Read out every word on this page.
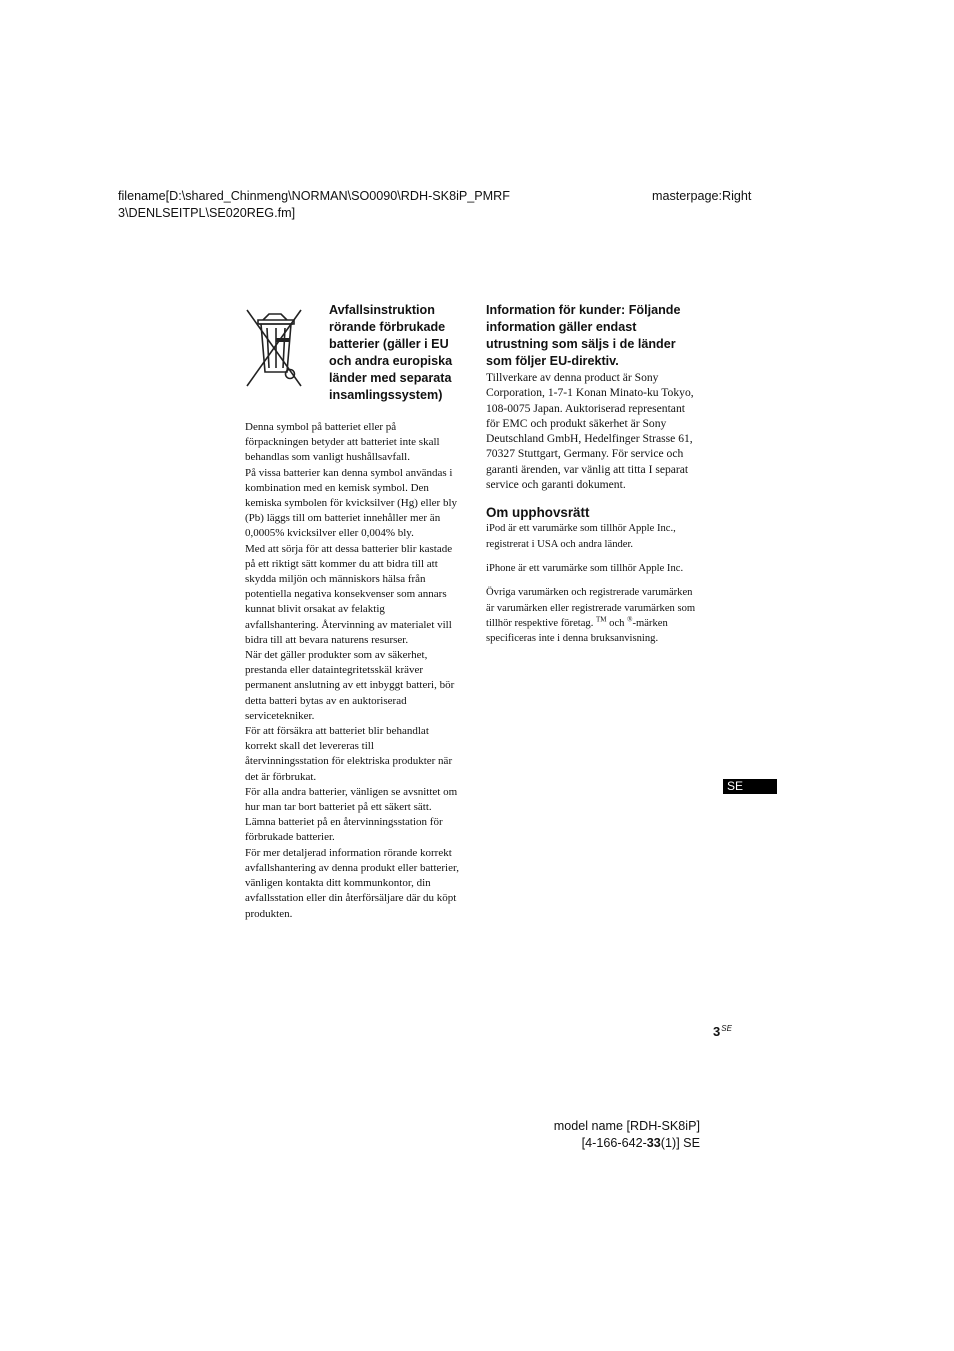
filename[D:\shared_Chinmeng\NORMAN\SO0090\RDH-SK8iP_PMRF
3\DENLSEITPL\SE020REG.fm]
masterpage:Right

Avfallsinstruktion rörande förbrukade batterier (gäller i EU och andra europiska länder med separata insamlingssystem)

Denna symbol på batteriet eller på förpackningen betyder att batteriet inte skall behandlas som vanligt hushållsavfall.

På vissa batterier kan denna symbol användas i kombination med en kemisk symbol. Den kemiska symbolen för kvicksilver (Hg) eller bly (Pb) läggs till om batteriet innehåller mer än 0,0005% kvicksilver eller 0,004% bly.

Med att sörja för att dessa batterier blir kastade på ett riktigt sätt kommer du att bidra till att skydda miljön och människors hälsa från potentiella negativa konsekvenser som annars kunnat blivit orsakat av felaktig avfallshantering. Återvinning av materialet vill bidra till att bevara naturens resurser.

När det gäller produkter som av säkerhet, prestanda eller dataintegritetsskäl kräver permanent anslutning av ett inbyggt batteri, bör detta batteri bytas av en auktoriserad servicetekniker.

För att försäkra att batteriet blir behandlat korrekt skall det levereras till återvinningsstation för elektriska produkter när det är förbrukat.

För alla andra batterier, vänligen se avsnittet om hur man tar bort batteriet på ett säkert sätt. Lämna batteriet på en återvinningsstation för förbrukade batterier.

För mer detaljerad information rörande korrekt avfallshantering av denna produkt eller batterier, vänligen kontakta ditt kommunkontor, din avfallsstation eller din återförsäljare där du köpt produkten.

Information för kunder: Följande information gäller endast utrustning som säljs i de länder som följer EU-direktiv.

Tillverkare av denna product är Sony Corporation, 1-7-1 Konan Minato-ku Tokyo, 108-0075 Japan. Auktoriserad representant för EMC och produkt säkerhet är Sony Deutschland GmbH, Hedelfinger Strasse 61, 70327 Stuttgart, Germany. För service och garanti ärenden, var vänlig att titta I separat service och garanti dokument.

Om upphovsrätt

iPod är ett varumärke som tillhör Apple Inc., registrerat i USA och andra länder.

iPhone är ett varumärke som tillhör Apple Inc.

Övriga varumärken och registrerade varumärken är varumärken eller registrerade varumärken som tillhör respektive företag. ™ och ®-märken specificeras inte i denna bruksanvisning.

SE
$3^{SE}$
model name [RDH-SK8iP]
[4-166-642-33(1)] SE
